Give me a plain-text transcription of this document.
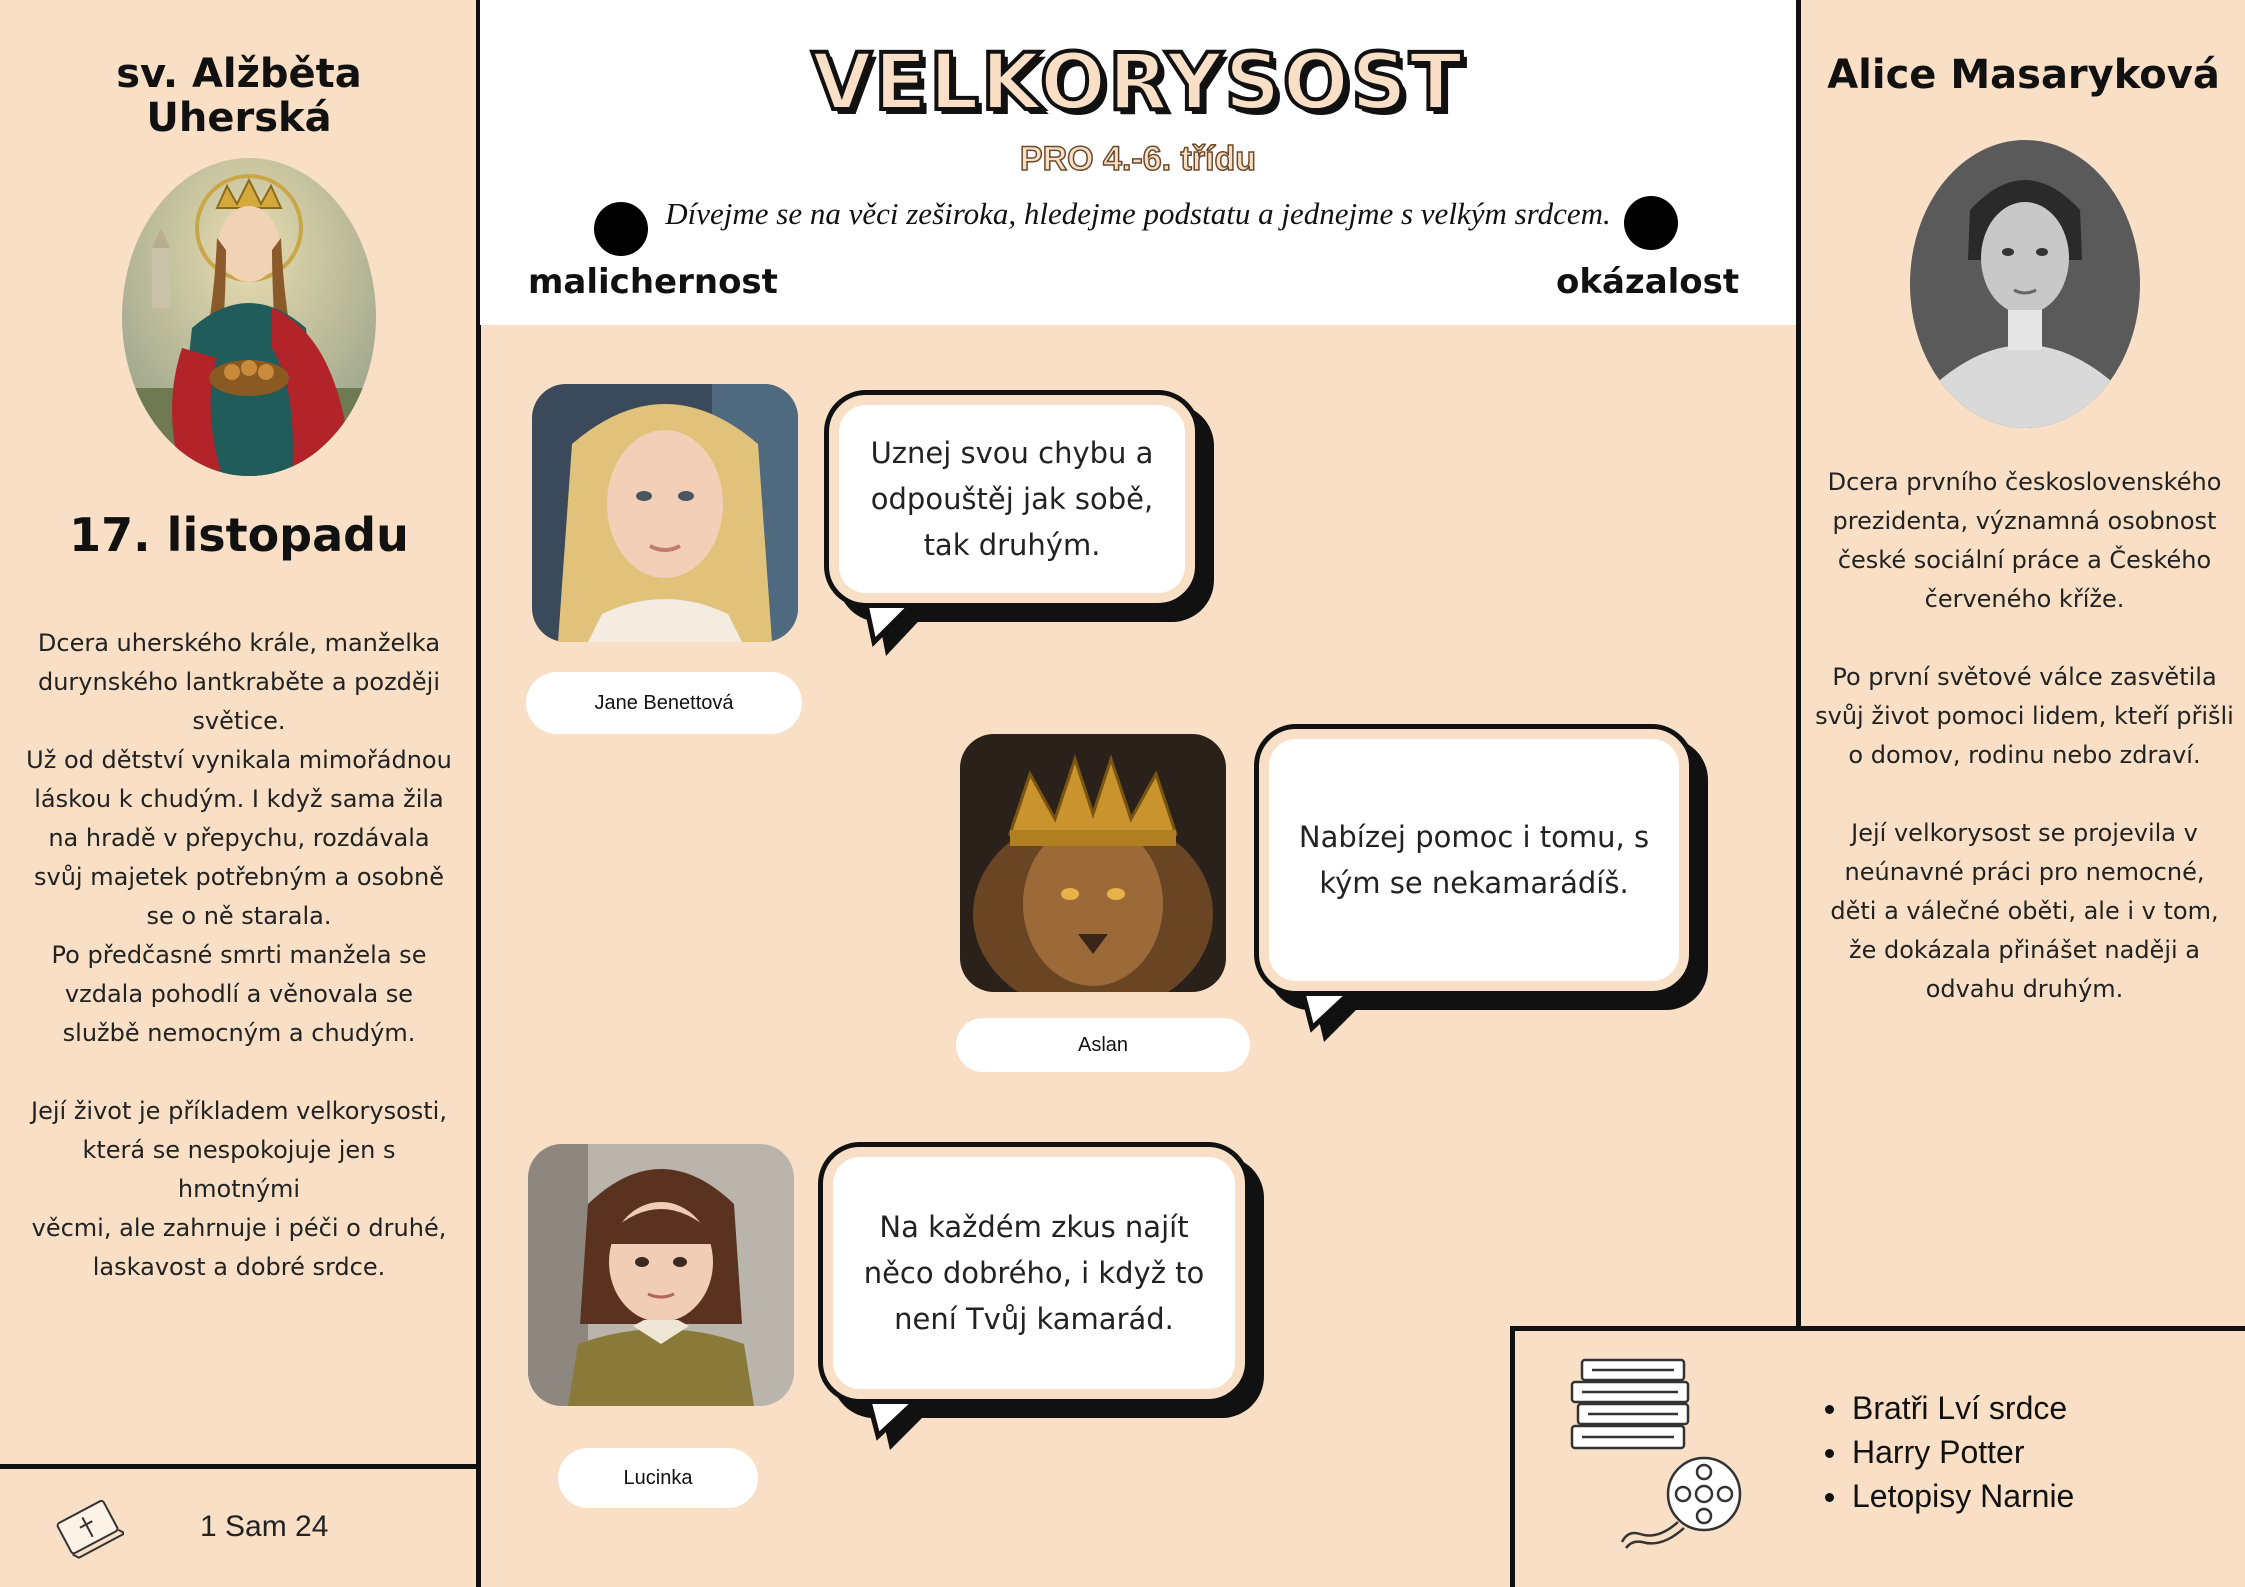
sv. Alžběta
Uherská
17. listopadu
Dcera uherského krále, manželka
durynského lantkraběte a později
světice.
Už od dětství vynikala mimořádnou
láskou k chudým. I když sama žila
na hradě v přepychu, rozdávala
svůj majetek potřebným a osobně
se o ně starala.
Po předčasné smrti manžela se
vzdala pohodlí a věnovala se
službě nemocným a chudým.

Její život je příkladem velkorysosti,
která se nespokojuje jen s hmotnými
věcmi, ale zahrnuje i péči o druhé,
laskavost a dobré srdce.
1 Sam 24
VELKORYSOST
PRO 4.-6. třídu
Dívejme se na věci zeširoka, hledejme podstatu a jednejme s velkým srdcem.
malichernost	okázalost
Jane Benettová
Uznej svou chybu a odpouštěj jak sobě, tak druhým.
Aslan
Nabízej pomoc i tomu, s kým se nekamarádíš.
Lucinka
Na každém zkus najít něco dobrého, i když to není Tvůj kamarád.
Alice Masaryková
Dcera prvního československého
prezidenta, významná osobnost
české sociální práce a Českého
červeného kříže.

Po první světové válce zasvětila
svůj život pomoci lidem, kteří přišli
o domov, rodinu nebo zdraví.

Její velkorysost se projevila v
neúnavné práci pro nemocné,
děti a válečné oběti, ale i v tom,
že dokázala přinášet naději a
odvahu druhým.
Bratři Lví srdce
Harry Potter
Letopisy Narnie
